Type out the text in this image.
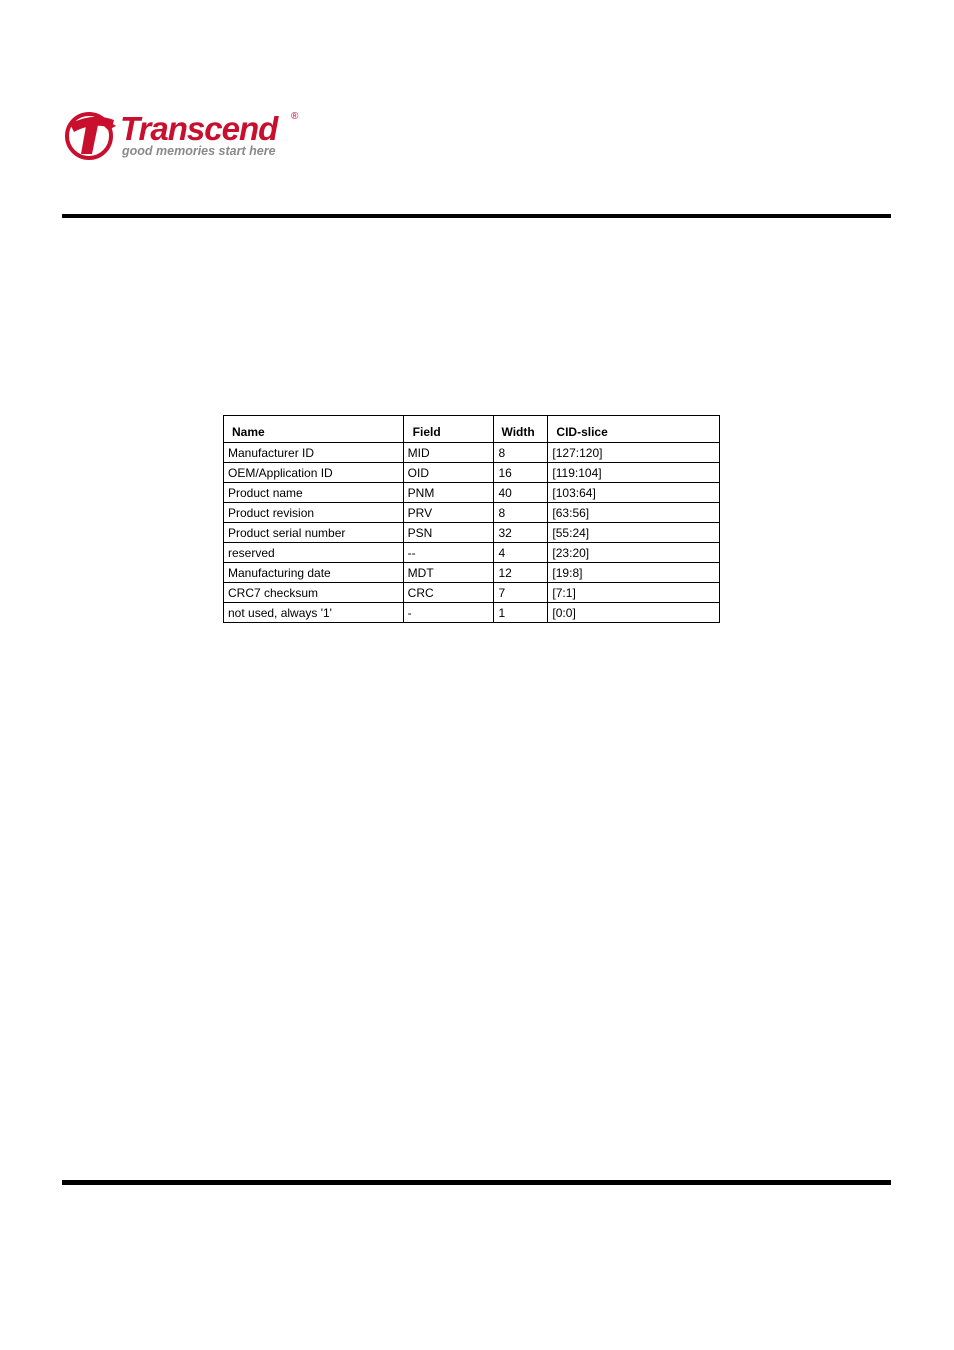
Transcend ®
good memories start here
Name	Field	Width	CID-slice
Manufacturer ID	MID	8	[127:120]
OEM/Application ID	OID	16	[119:104]
Product name	PNM	40	[103:64]
Product revision	PRV	8	[63:56]
Product serial number	PSN	32	[55:24]
reserved	--	4	[23:20]
Manufacturing date	MDT	12	[19:8]
CRC7 checksum	CRC	7	[7:1]
not used, always '1'	-	1	[0:0]
